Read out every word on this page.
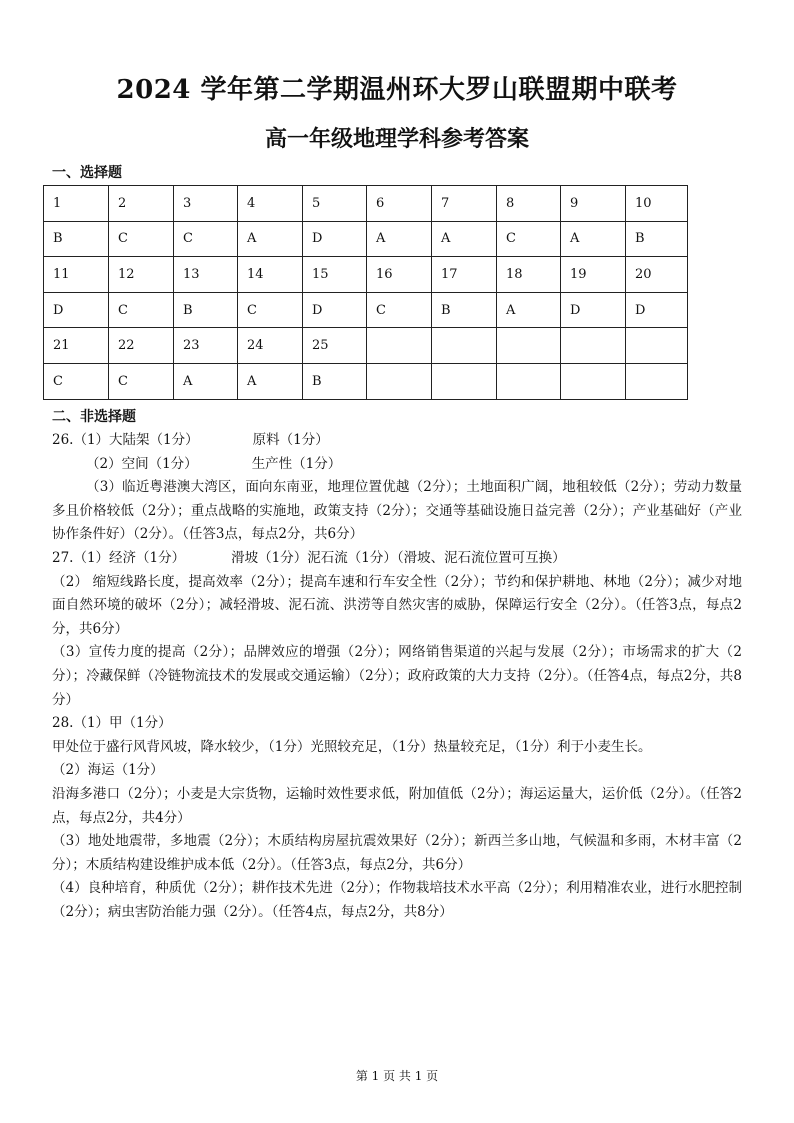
2024 学年第二学期温州环大罗山联盟期中联考
高一年级地理学科参考答案
一、选择题
1	2	3	4	5	6	7	8	9	10
B	C	C	A	D	A	A	C	A	B
11	12	13	14	15	16	17	18	19	20
D	C	B	C	D	C	B	A	D	D
21	22	23	24	25					
C	C	A	A	B					
二、非选择题

26.（1）大陆架（1分）	原料（1分）

（2）空间（1分）	生产性（1分）

（3）临近粤港澳大湾区，面向东南亚，地理位置优越（2分）；土地面积广阔，地租较低（2分）；劳动力数量多且价格较低（2分）；重点战略的实施地，政策支持（2分）；交通等基础设施日益完善（2分）；产业基础好（产业协作条件好）（2分）。（任答3点，每点2分，共6分）

27.（1）经济（1分）	滑坡（1分）泥石流（1分）（滑坡、泥石流位置可互换）

（2） 缩短线路长度，提高效率（2分）；提高车速和行车安全性（2分）；节约和保护耕地、林地（2分）；减少对地面自然环境的破坏（2分）；减轻滑坡、泥石流、洪涝等自然灾害的威胁，保障运行安全（2分）。（任答3点，每点2分，共6分）

（3）宣传力度的提高（2分）；品牌效应的增强（2分）；网络销售渠道的兴起与发展（2分）；市场需求的扩大（2分）；冷藏保鲜（冷链物流技术的发展或交通运输）（2分）；政府政策的大力支持（2分）。（任答4点，每点2分，共8分）

28.（1）甲（1分）

甲处位于盛行风背风坡，降水较少，（1分）光照较充足，（1分）热量较充足，（1分）利于小麦生长。

（2）海运（1分）

沿海多港口（2分）；小麦是大宗货物，运输时效性要求低，附加值低（2分）；海运运量大，运价低（2分）。（任答2点，每点2分，共4分）

（3）地处地震带，多地震（2分）；木质结构房屋抗震效果好（2分）；新西兰多山地，气候温和多雨，木材丰富（2分）；木质结构建设维护成本低（2分）。（任答3点，每点2分，共6分）

（4）良种培育，种质优（2分）；耕作技术先进（2分）；作物栽培技术水平高（2分）；利用精准农业，进行水肥控制（2分）；病虫害防治能力强（2分）。（任答4点，每点2分，共8分）

第 1 页 共 1 页
